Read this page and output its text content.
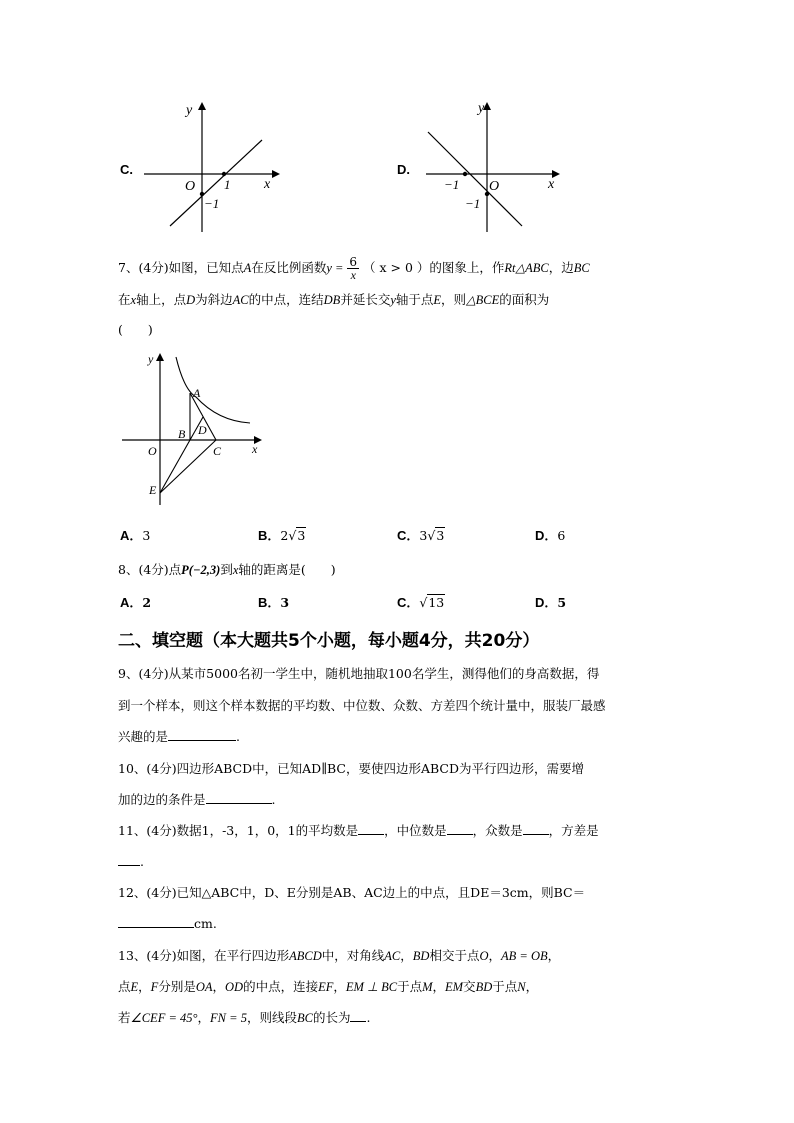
C.
y
x
O 1
−1
D.
y
x
O
−1
−1
7、(4分)如图，已知点A在反比例函数$y = \frac{6}{x}$ （ x > 0 ）的图象上，作Rt△ABC，边BC
在x轴上，点D为斜边AC的中点，连结DB并延长交y轴于点E，则△BCE的面积为
(　　)
y
x
O
A
B D
C
E
A．3	B．2√3	C．3√3	D．6
8、(4分)点P(−2,3)到x轴的距离是(　　)
A．2	B．3	C．√13	D．5
二、填空题（本大题共5个小题，每小题4分，共20分）
9、(4分)从某市5000名初一学生中，随机地抽取100名学生，测得他们的身高数据，得
到一个样本，则这个样本数据的平均数、中位数、众数、方差四个统计量中，服装厂最感
兴趣的是	.
10、(4分)四边形ABCD中，已知AD∥BC，要使四边形ABCD为平行四边形，需要增
加的边的条件是	.
11、(4分)数据1，-3，1，0，1的平均数是 ，中位数是 ，众数是 ，方差是
.
12、(4分)已知△ABC中，D、E分别是AB、AC边上的中点，且DE＝3cm，则BC＝
cm.
13、(4分)如图，在平行四边形ABCD中，对角线AC，BD相交于点O，AB = OB，
点E，F分别是OA，OD的中点，连接EF，EM ⊥ BC于点M，EM交BD于点N，
若∠CEF = 45°，FN = 5，则线段BC的长为 .
